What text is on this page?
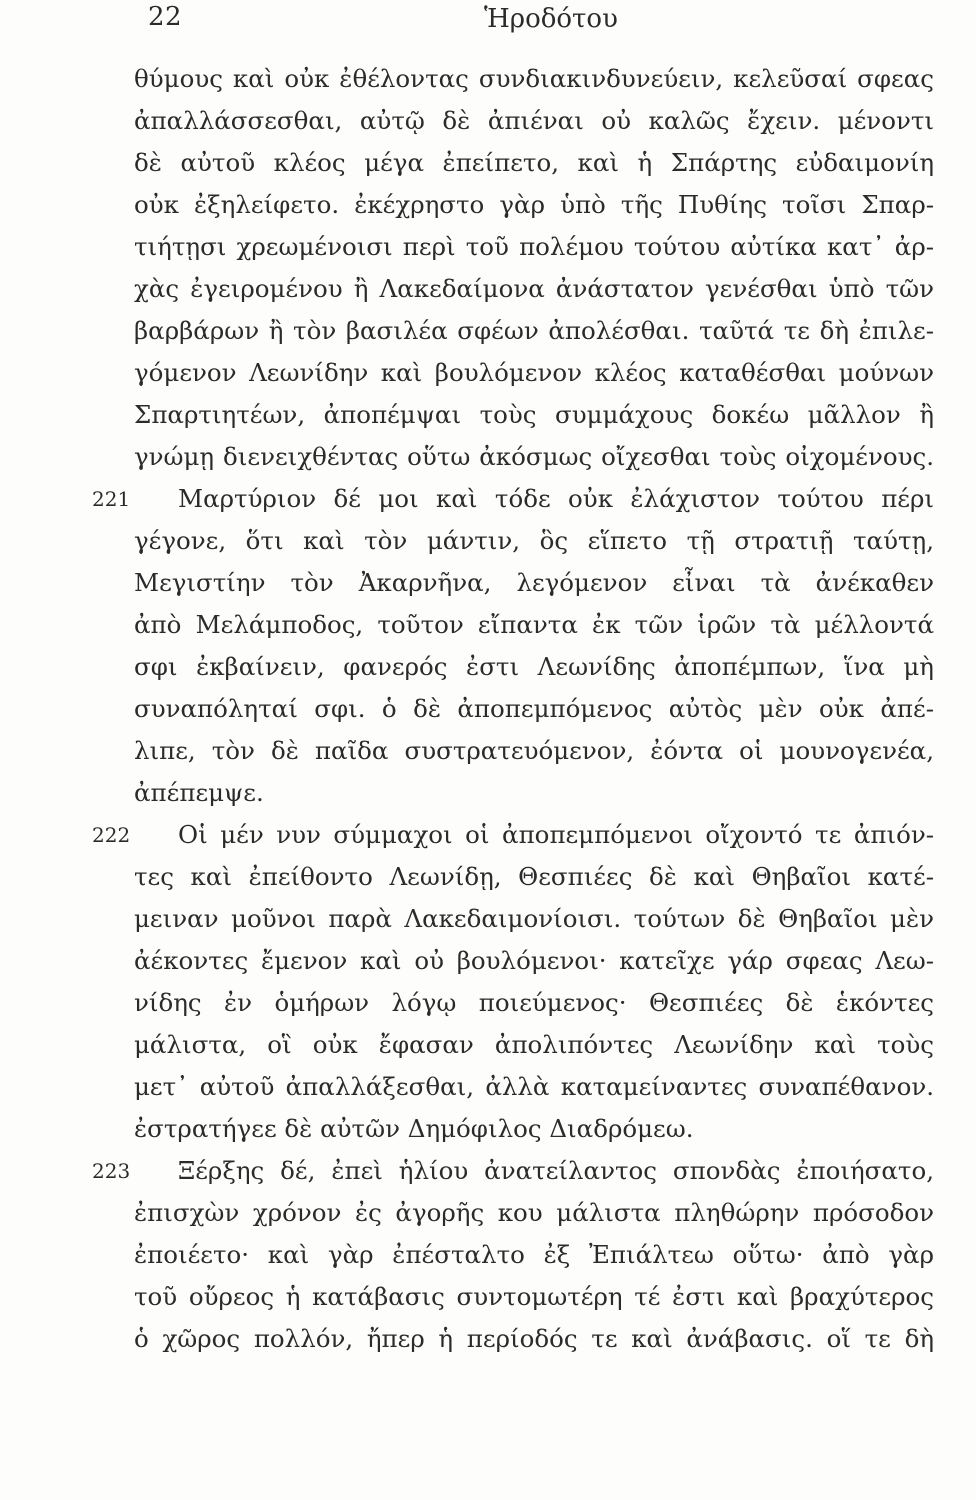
22	Ἡροδότου
θύμους καὶ οὐκ ἐθέλοντας συνδιακινδυνεύειν, κελεῦσαί σφεας
ἀπαλλάσσεσθαι, αὐτῷ δὲ ἀπιέναι οὐ καλῶς ἔχειν. μένοντι
δὲ αὐτοῦ κλέος μέγα ἐπείπετο, καὶ ἡ Σπάρτης εὐδαιμονίη
οὐκ ἐξηλείφετο. ἐκέχρηστο γὰρ ὑπὸ τῆς Πυθίης τοῖσι Σπαρ-
τιήτῃσι χρεωμένοισι περὶ τοῦ πολέμου τούτου αὐτίκα κατ᾽ ἀρ-
χὰς ἐγειρομένου ἢ Λακεδαίμονα ἀνάστατον γενέσθαι ὑπὸ τῶν
βαρβάρων ἢ τὸν βασιλέα σφέων ἀπολέσθαι. ταῦτά τε δὴ ἐπιλε-
γόμενον Λεωνίδην καὶ βουλόμενον κλέος καταθέσθαι μούνων
Σπαρτιητέων, ἀποπέμψαι τοὺς συμμάχους δοκέω μᾶλλον ἢ
γνώμῃ διενειχθέντας οὕτω ἀκόσμως οἴχεσθαι τοὺς οἰχομένους.
221 Μαρτύριον δέ μοι καὶ τόδε οὐκ ἐλάχιστον τούτου πέρι
γέγονε, ὅτι καὶ τὸν μάντιν, ὃς εἵπετο τῇ στρατιῇ ταύτῃ,
Μεγιστίην τὸν Ἀκαρνῆνα, λεγόμενον εἶναι τὰ ἀνέκαθεν
ἀπὸ Μελάμποδος, τοῦτον εἴπαντα ἐκ τῶν ἱρῶν τὰ μέλλοντά
σφι ἐκβαίνειν, φανερός ἐστι Λεωνίδης ἀποπέμπων, ἵνα μὴ
συναπόληταί σφι. ὁ δὲ ἀποπεμπόμενος αὐτὸς μὲν οὐκ ἀπέ-
λιπε, τὸν δὲ παῖδα συστρατευόμενον, ἐόντα οἱ μουνογενέα,
ἀπέπεμψε.
222 Οἱ μέν νυν σύμμαχοι οἱ ἀποπεμπόμενοι οἴχοντό τε ἀπιόν-
τες καὶ ἐπείθοντο Λεωνίδῃ, Θεσπιέες δὲ καὶ Θηβαῖοι κατέ-
μειναν μοῦνοι παρὰ Λακεδαιμονίοισι. τούτων δὲ Θηβαῖοι μὲν
ἀέκοντες ἔμενον καὶ οὐ βουλόμενοι· κατεῖχε γάρ σφεας Λεω-
νίδης ἐν ὁμήρων λόγῳ ποιεύμενος· Θεσπιέες δὲ ἑκόντες
μάλιστα, οἳ οὐκ ἔφασαν ἀπολιπόντες Λεωνίδην καὶ τοὺς
μετ᾽ αὐτοῦ ἀπαλλάξεσθαι, ἀλλὰ καταμείναντες συναπέθανον.
ἐστρατήγεε δὲ αὐτῶν Δημόφιλος Διαδρόμεω.
223 Ξέρξης δέ, ἐπεὶ ἡλίου ἀνατείλαντος σπονδὰς ἐποιήσατο,
ἐπισχὼν χρόνον ἐς ἀγορῆς κου μάλιστα πληθώρην πρόσοδον
ἐποιέετο· καὶ γὰρ ἐπέσταλτο ἐξ Ἐπιάλτεω οὕτω· ἀπὸ γὰρ
τοῦ οὔρεος ἡ κατάβασις συντομωτέρη τέ ἐστι καὶ βραχύτερος
ὁ χῶρος πολλόν, ἤπερ ἡ περίοδός τε καὶ ἀνάβασις. οἵ τε δὴ
